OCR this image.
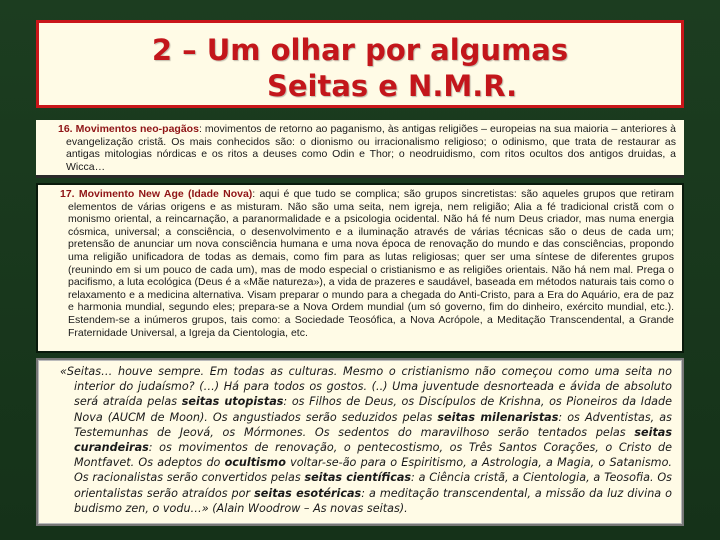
2 – Um olhar por algumas
Seitas e N.M.R.

16. Movimentos neo-pagãos: movimentos de retorno ao paganismo, às antigas religiões – europeias na sua maioria – anteriores à evangelização cristã. Os mais conhecidos são: o dionismo ou irracionalismo religioso; o odinismo, que trata de restaurar as antigas mitologias nórdicas e os ritos a deuses como Odin e Thor; o neodruidismo, com ritos ocultos dos antigos druidas, a Wicca…

17. Movimento New Age (Idade Nova): aqui é que tudo se complica; são grupos sincretistas: são aqueles grupos que retiram elementos de várias origens e as misturam. Não são uma seita, nem igreja, nem religião; Alia a fé tradicional cristã com o monismo oriental, a reincarnação, a paranormalidade e a psicologia ocidental. Não há fé num Deus criador, mas numa energia cósmica, universal; a consciência, o desenvolvimento e a iluminação através de várias técnicas são o deus de cada um; pretensão de anunciar um nova consciência humana e uma nova época de renovação do mundo e das consciências, propondo uma religião unificadora de todas as demais, como fim para as lutas religiosas; quer ser uma síntese de diferentes grupos (reunindo em si um pouco de cada um), mas de modo especial o cristianismo e as religiões orientais. Não há nem mal. Prega o pacifismo, a luta ecológica (Deus é a «Mãe natureza»), a vida de prazeres e saudável, baseada em métodos naturais tais como o relaxamento e a medicina alternativa. Visam preparar o mundo para a chegada do Anti-Cristo, para a Era do Aquário, era de paz e harmonia mundial, segundo eles; prepara-se a Nova Ordem mundial (um só governo, fim do dinheiro, exército mundial, etc.). Estendem-se a inúmeros grupos, tais como: a Sociedade Teosófica, a Nova Acrópole, a Meditação Transcendental, a Grande Fraternidade Universal, a Igreja da Cientologia, etc.

«Seitas… houve sempre. Em todas as culturas. Mesmo o cristianismo não começou como uma seita no interior do judaísmo? (…) Há para todos os gostos. (..) Uma juventude desnorteada e ávida de absoluto será atraída pelas seitas utopistas: os Filhos de Deus, os Discípulos de Krishna, os Pioneiros da Idade Nova (AUCM de Moon). Os angustiados serão seduzidos pelas seitas milenaristas: os Adventistas, as Testemunhas de Jeová, os Mórmones. Os sedentos do maravilhoso serão tentados pelas seitas curandeiras: os movimentos de renovação, o pentecostismo, os Três Santos Corações, o Cristo de Montfavet. Os adeptos do ocultismo voltar-se-ão para o Espiritismo, a Astrologia, a Magia, o Satanismo. Os racionalistas serão convertidos pelas seitas científicas: a Ciência cristã, a Cientologia, a Teosofia. Os orientalistas serão atraídos por seitas esotéricas: a meditação transcendental, a missão da luz divina o budismo zen, o vodu…» (Alain Woodrow – As novas seitas).
